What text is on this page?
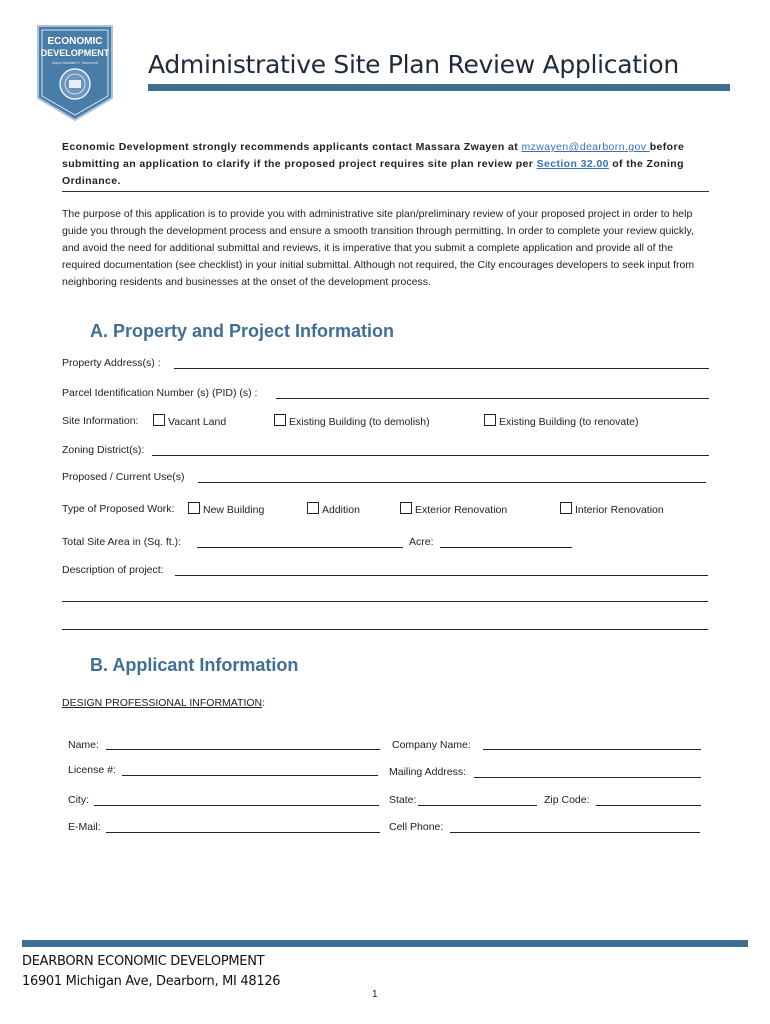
ECONOMIC
DEVELOPMENT
Mayor Abdullah H. Hammoud Administrative Site Plan Review Application
Economic Development strongly recommends applicants contact Massara Zwayen at mzwayen@dearborn.gov before submitting an application to clarify if the proposed project requires site plan review per Section 32.00 of the Zoning Ordinance.
The purpose of this application is to provide you with administrative site plan/preliminary review of your proposed project in order to help guide you through the development process and ensure a smooth transition through permitting. In order to complete your review quickly, and avoid the need for additional submittal and reviews, it is imperative that you submit a complete application and provide all of the required documentation (see checklist) in your initial submittal. Although not required, the City encourages developers to seek input from neighboring residents and businesses at the onset of the development process.
A. Property and Project Information
Property Address(s) :
Parcel Identification Number (s) (PID) (s) :
Site Information:	Vacant Land	Existing Building (to demolish)	Existing Building (to renovate)
Zoning District(s):
Proposed / Current Use(s)
Type of Proposed Work:	New Building	Addition	Exterior Renovation	Interior Renovation
Total Site Area in (Sq. ft.):	Acre:
Description of project:
B. Applicant Information
DESIGN PROFESSIONAL INFORMATION:
Name:	Company Name:
License #:	Mailing Address:
City:	State:	Zip Code:
E-Mail:	Cell Phone:
DEARBORN ECONOMIC DEVELOPMENT
16901 Michigan Ave, Dearborn, MI 48126
1
